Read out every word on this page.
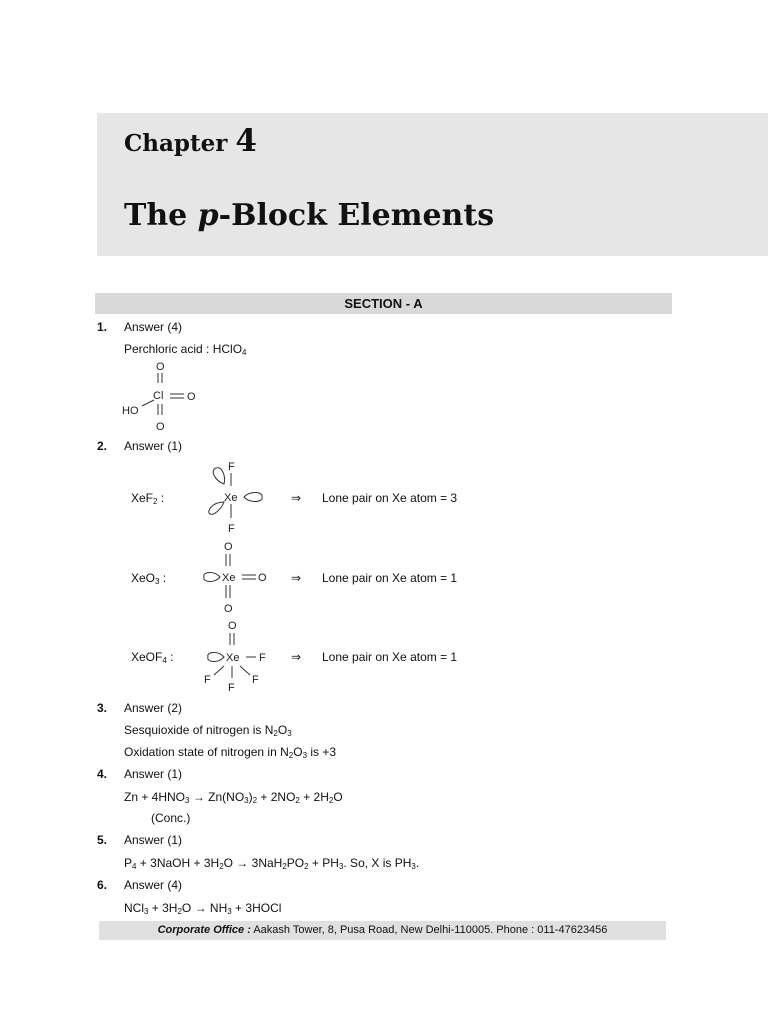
Chapter 4
The p-Block Elements
SECTION - A
1. Answer (4)
Perchloric acid : HClO$_4$
O
Cl O
HO
O
2. Answer (1)
XeF$_2$ :
F
Xe
F
⇒ Lone pair on Xe atom = 3
XeO$_3$ :
O
Xe O
O
⇒ Lone pair on Xe atom = 1
XeOF$_4$ :
O
Xe F
F
F
F
⇒ Lone pair on Xe atom = 1
3. Answer (2)
Sesquioxide of nitrogen is $N_2O_3$
Oxidation state of nitrogen in $N_2O_3$ is +3
4. Answer (1)
$Zn + 4HNO_3 \to Zn(NO_3)_2 + 2NO_2 + 2H_2O$
(Conc.)
5. Answer (1)
$P_4$ + 3NaOH + $3H_2O \to 3NaH_2PO_2 + PH_3$. So, X is $PH_3$.
6. Answer (4)
$NCl_3 + 3H_2O \to NH_3$ + 3HOCl
Corporate Office : Aakash Tower, 8, Pusa Road, New Delhi-110005. Phone : 011-47623456
